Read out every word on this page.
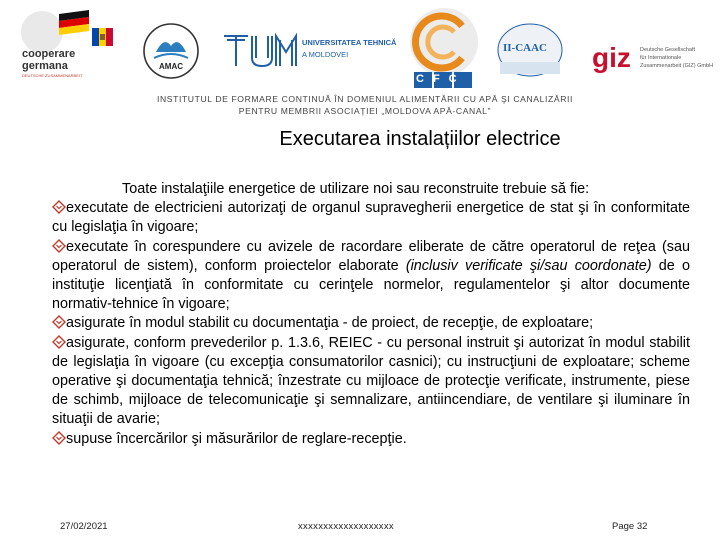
cooperare
germana
DEUTSCHE ZUSAMMENARBEIT
AMAC
UNIVERSITATEA TEHNICĂ
A MOLDOVEI
CFC
II-CAAC giz Deutsche Gesellschaft
für Internationale
Zusammenarbeit (GIZ) GmbH
INSTITUTUL DE FORMARE CONTINUĂ ÎN DOMENIUL ALIMENTĂRII CU APĂ ŞI CANALIZĂRII
PENTRU MEMBRII ASOCIAȚIEI „MOLDOVA APĂ-CANAL"
Executarea instalațiilor electrice

Toate instalaţiile energetice de utilizare noi sau reconstruite trebuie să fie:

executate de electricieni autorizaţi de organul supravegherii energetice de stat şi în conformitate cu legislaţia în vigoare;

executate în corespundere cu avizele de racordare eliberate de către operatorul de reţea (sau operatorul de sistem), conform proiectelor elaborate (inclusiv verificate şi/sau coordonate) de o instituţie licenţiată în conformitate cu cerinţele normelor, regulamentelor şi altor documente normativ-tehnice în vigoare;

asigurate în modul stabilit cu documentaţia - de proiect, de recepţie, de exploatare;

asigurate, conform prevederilor p. 1.3.6, REIEC - cu personal instruit şi autorizat în modul stabilit de legislaţia în vigoare (cu excepţia consumatorilor casnici); cu instrucţiuni de exploatare; scheme operative şi documentaţia tehnică; înzestrate cu mijloace de protecţie verificate, instrumente, piese de schimb, mijloace de telecomunicaţie şi semnalizare, antiincendiare, de ventilare şi iluminare în situaţii de avarie;

supuse încercărilor şi măsurărilor de reglare-recepţie.

27/02/2021	xxxxxxxxxxxxxxxxxxx	Page 32
